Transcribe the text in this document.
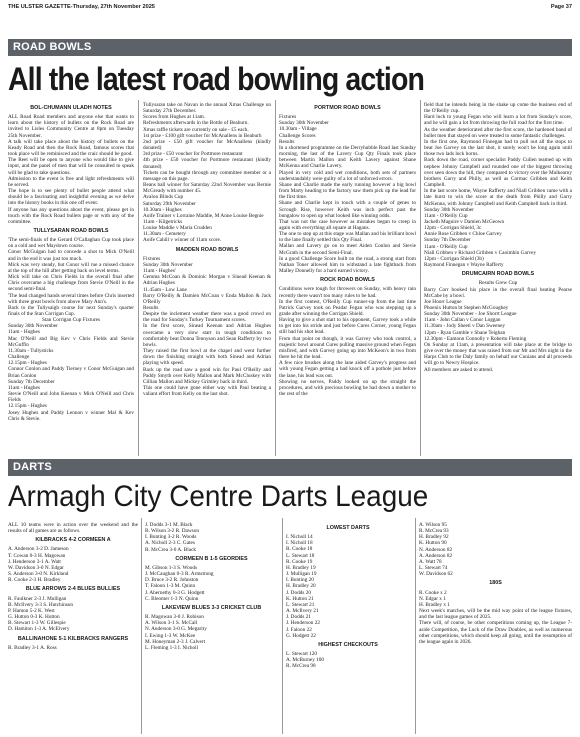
THE ULSTER GAZETTE-Thursday, 27th November 2025	Page 37
ROAD BOWLS
All the latest road bowling action

BOL-CHUMANN ULADH NOTES

ALL Road Road members and anyone else that wants to learn about the history of bullets on the Rock Road are invited to Lisles Community Centre at 8pm on Tuesday 25th November.

A talk will take place about the history of bullets on the Keady Road and then the Rock Road, famous scores that took place will be reminisced and the craic should be good.

The Reet will be open to anyone who would like to give input, and the panel of men that will be consulted to speak will be glad to take questions.

Admission to the event is free and light refreshments will be served.

The hope is to see plenty of bullet people attend what should be a fascinating and insightful evening as we delve into the history books in this one off event.

If anyone has any questions about the event, please get in touch with the Rock Road bullets page or with any of the committee.

TULLYSARAN ROAD BOWLS

'The semi-finals of the Gerard O'Callaghan Cup took place on a cold and wet Maydown course.

Conor McGuigan had to concede a shot to Mick O'Neill and in the end it was just too much.

Mick was very steady, but Conor will rue a missed chance at the top of the hill after getting back on level terms.

Mick will take on Chris Fields in the overall final after Chris overcame a big challenge from Stevie O'Neill in the second semi-final.

'The lead changed hands several times before Chris inserted with three great bowls from above Mary Ann's.

Back to the Tullysaigh course for next Sunday's quarter finals of the Stan Corrigan Cup.

Stan Corrigan Cup Fixtures

Sunday 30th November

11am - Hughes

Mac O'Neill and Big Kev v Chris Fields and Stevie McGuffin

11.30am - Tullysticks

Challenge

12.15pm - Hughes

Connor Conlon and Paddy Tierney v Conor McGuigan and Brian Conlon

Sunday 7th December

11am - Hughes

Stevie O'Neill and John Keenan v Mick O'Neill and Chris Fields

12.15pm - Hughes

Josey Hughes and Paddy Lennon v winner Mal & Kev Chris & Stevie.

Tullysaran take on Navan in the annual Xmas Challenge on Saturday 27th December.

Scores from Hughes at 11am.

Refreshments afterwards in the Bottle of Beaburn.

Xmas raffle tickets are currently on sale - £5 each.

1st prize - £100 gift voucher for McAnallens in Beaburh

2nd prize - £50 gift voucher for McAnallens (kindly donated)

3rd prize - £50 voucher for Portmore restaurant

4th prize - £50 voucher for Portmore restaurant (kindly donated)

Tickets can be bought through any committee member or a message on this page.

Beans ball winner for Saturday 22nd November was Bernie McGready with number 45.

Avalon Blinds Cup

Saturday 29th November

10.30am - Hughes

Aoife Trainer v Lorraine Maddie, M Anne Louise Begnie

11am - Kilgetricks

Louise Maddie v Maria Crudden

11.30am - Cemetery

Aoife Cahill v winner of 11am score.

MADDEN ROAD BOWLS

Fixtures

Sunday 30th November

11am - Hughes'

Gemma McCoan & Dominic Morgan v Sinead Keenan & Adrian Hughes

11.45am - Low Lane

Barry O'Reilly & Damien McCoan v Enda Mallon & Jack O'Reilly

Results

Despite the inclement weather there was a good crowd on the road for Sunday's Turkey Tournament scores.

In the first score, Sinead Keenan and Adrian Hughes overcame a very slow start in tough conditions to comfortably beat Donna Tennyson and Sean Rafferty by two bowls.

They raised the first bowl at the chapel and went further down the finishing straight with both Sinead and Adrian playing with speed.

Back up the road saw a good win for Paul O'Reilly and Paddy Smyth over Kelly Mallon and Mark McCluskey with Cillian Mallon and Mickey Grimley back in third.

This one could have gone either way with Paul beating a valiant effort from Kelly on the last shot.

PORTMOR ROAD BOWLS

Fixtures

Sunday 30th November

10.30am - Village

Challenge Scores

Results

In a shortened programme on the Derryhubble Road last Sunday morning, the last of the Lavery Cup Qty Finals took place between Martin Mallon and Keith Lavery against Shane McKenna and Charlie Lavery.

Played in very cold and wet conditions, both sets of partners understandably were guilty of a lot of unforced errors.

Shane and Charlie made the early running however a big bowl from Marty heading to the factory saw them pick up the lead for the first time.

Shane and Charlie kept in touch with a couple of genes to Scrough Rise, however Keith was inch perfect past the bungalow to open up what looked like winning odds.

That was not the case however as mistakes began to creep in again with everything all square at Hagans.

The one to step up at this stage was Mallan and his brilliant bowl to the lane finally settled this Qty Final.

Mallan and Lavery go on to meet Aiden Conlon and Stevie McGrath in the second Semi-Final.

In a good Challenge Score built on the road, a strong start from Nathan Toner allowed him to withstand a late fightback from Malley Donnelly for a hard earned victory.

ROCK ROAD BOWLS

Conditions were tough for throwers on Sunday, with heavy rain recently there wasn't too many rules to be had.

In the first contest, O'Reilly Cup runner-up from the last time Patrick Garvey took on Peadar Fegan who was stepping up a grade after winning the Corrigan Shield.

Having to give a shot start to his opponent, Garvey took a while to get into his stride and just before Cures Corner, young Fegan still had his shot lead.

From that point on though, it was Garvey who took control, a majestic bowl around Cures pulling massive ground when Fegan misfired, and with Garvey going up into McKeon's in two from there he hit the lead.

A few nice brushes along the lane aided Garvey's progress and with young Fegan getting a bad knock off a pothole just before the lane, his lead was out.

Showing no nerves, Paddy looked on up the straight the procedures, and with precious bowling he had down a mother to the rest of the

field that he intends being in the shake up come the business end of the O'Reilly cup.

Hard luck to young Fegan who will learn a lot from Sunday's score, and he will gain a lot from throwing the full road for the first time.

As the weather deteriorated after the first score, the hardened band of bullet men that stayed on were treated to some fantastic challenges.

In the first one, Raymond Finnegan had to pull out all the stops to beat Joe Garvey on the last shot, it surely won't be long again until those two lads lock horns.

Back down the road, corner specialist Paddy Cullen teamed up with nephew Johnny Campbell and rounded one of the biggest throwing over seen down the hill, they compared to victory over the Mulkearny brothers Garry and Philly, as well as Cormac Gribben and Keith Campbell.

In the last score home, Wayne Rafferty and Niall Gribben came with a late burst to win the score at the death from Philly and Garry McKenna, with Johnny Campbell and Keith Campbell back in third.

Sunday 30th November

11am - O'Reilly Cup

Jackelh Maguire v Damien McGeown

12pm - Corrigan Shield, 3c

Annie Rose Gribben v Chloe Garvey

Sunday 7th December

11am - O'Reilly Cup

Niall Gribben v Richard Gribben v Caoimhin Garvey

12pm - Corrigan Shield (3b)

Raymond Finnegan v Wayne Rafferty

DRUMCAIRN ROAD BOWLS

Results Grew Cup

Barry Corr booked his place in the overall final beating Pearse McCabe by a bowl.

Joe Hoorr League

Phoenix Hutton bt Stephen McGoughey

Sunday 30th November - Joe Shorrt League

11am - John Callan v Conor Loggan

11.30am - Jody Sheeti v Dan Sweeney

12pm - Ryan Gamble v Shane Teighan

12.30pm - Eamonn Connolly v Roberto Fleming

On Sunday at 11am, a presentation will take place at the bridge to give over the money that was raised from our Mr and Mrs night in the Harps Club to the Daly family on behalf our Cunians and all proceeds will go to Newry Hospice.

All members are asked to attend.

DARTS
Armagh City Centre Darts League

ALL 10 teams were in action over the weekend and the results of all games are as follows.

KILBRACKS 4-2 CORMEEN A

A. Anderson 3-2 D. Jameson

T. Cowan 0-3 H. Magowan

J. Henderson 3-1 A. Watt

W. Davidson 3-0 N. Edgar

S. Anderson 3-0 N. Kirkland

R. Cooke 2-3 H. Bradley

BLUE ARROWS 2-4 BLUES BULLIES

R. Faulkner 2-3 J. Mulligan

B. McIlvery 3-3 S. Hutchinson

P. Hamon 5-2 K. West

G. Hutton 0-3 K. Hutton

B. Stewart 1-3 W. Gillespie

D. Hamiton 1-3 A. McElvery

BALLINAHONE 5-1 KILBRACKS RANGERS

R. Bradley 3-1 A. Ross

J. Dodds 3-1 M. Black

B. Wilson 3-2 R. Dawson

I. Bunting 3-2 R. Woods

A. Nicholl 2-3 C. Gates

R. McCrea 3-0 A. Black

CORMEEN B 1-5 GEORDIES

M. Gibson 1-3 S. Woods

J. McCaughan 0-3 R. Armstrong

D. Bruce 3-2 R. Johnston

T. Faloon 1-3 M. Quinn

J. Abernethy 0-3 G. Hodgett

C. Bleomer 1-3 N. Quinn

LAKEVIEW BLUES 3-3 CRICKET CLUB

R. Magowan 3-0 J. Robison

A. Wilson 3-1 S. McCall

N. Anderson 3-0 G. Megarity

I. Ewing 1-3 W. McKee

M. Honeyman 2-3 J. Calvert

L. Fleming 1-3 I. Nicholl

LOWEST DARTS

I. Nicholl 14

I. Nicholl 18

R. Cooke 18

L. Stewart 18

R. Cooke 19

H. Bradley 19

J. Mulligan 19

I. Bunting 20

H. Bradley 20

J. Dodds 20

K. Hutton 21

L. Stewart 21

A. McIlvery 21

J. Dodds 21

J. Henderson 22

J. Faloon 22

G. Hodgett 22

HIGHEST CHECKOUTS

L. Stewart 120

A. McBurney 100

R. McCrea 98

A. Wilson 95

R. McCrea 93

H. Bradley 92

K. Hutton 90

N. Anderson 82

A. Anderson 82

A. Watt 78

L. Stewart 74

W. Davidson 62

180S

R. Cooke x 2

N. Edgar x 1

H. Bradley x 1

Next week's matches, will be the mid way point of the league fixtures, and the last league games of 2025.

There will, of course, be other competitions coming up, the League 7-aside Competition, the Luck of the Draw Doubles, as well as numerous other competitions, which should keep all going, until the resumption of the league again in 2026.
